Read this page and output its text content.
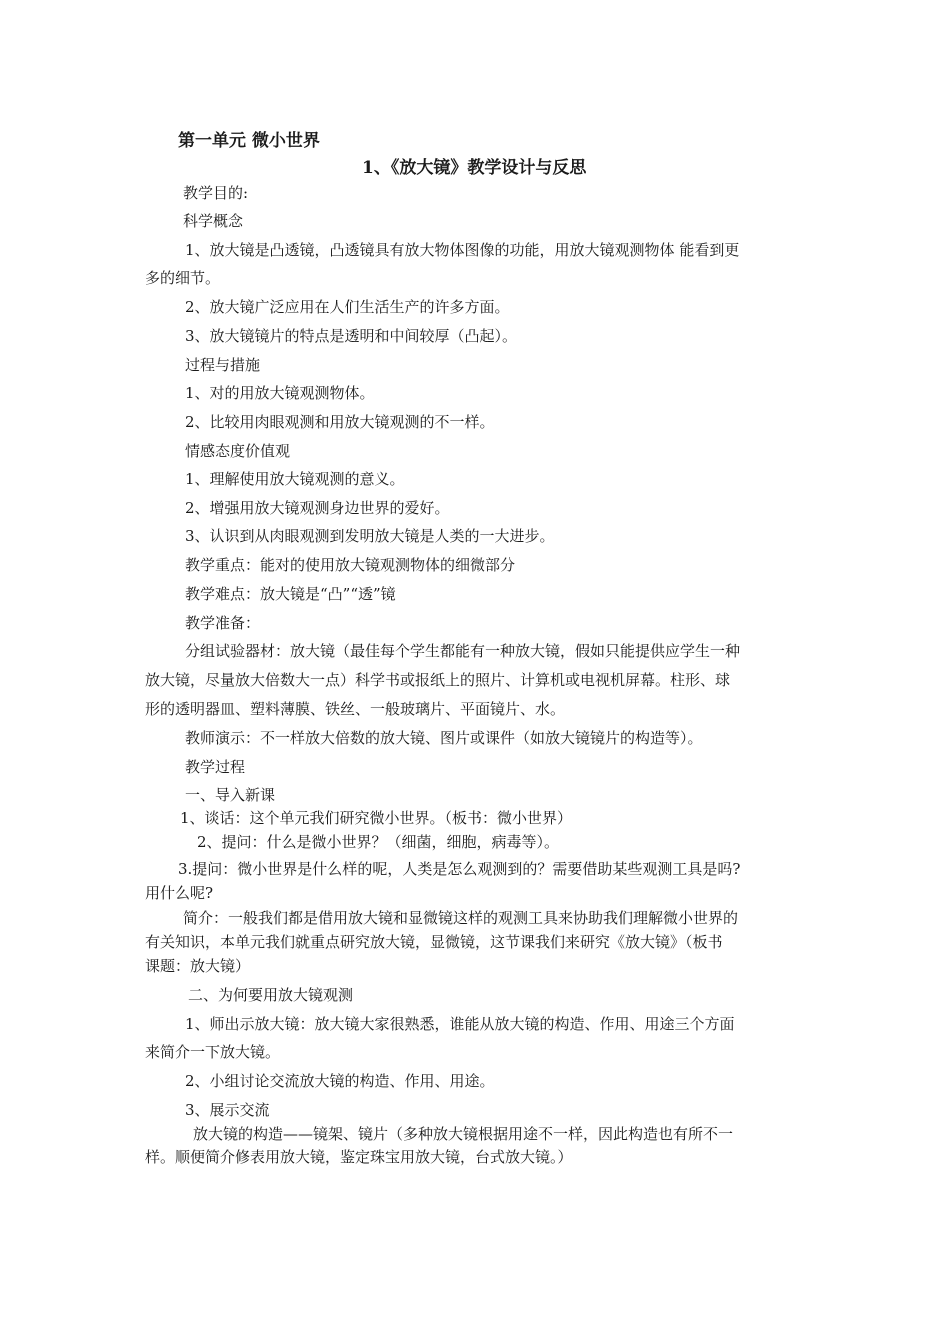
第一单元 微小世界
1、《放大镜》教学设计与反思
教学目的:
科学概念
1、放大镜是凸透镜，凸透镜具有放大物体图像的功能，用放大镜观测物体 能看到更
多的细节。
2、放大镜广泛应用在人们生活生产的许多方面。
3、放大镜镜片的特点是透明和中间较厚（凸起）。
过程与措施
1、对的用放大镜观测物体。
2、比较用肉眼观测和用放大镜观测的不一样。
情感态度价值观
1、理解使用放大镜观测的意义。
2、增强用放大镜观测身边世界的爱好。
3、认识到从肉眼观测到发明放大镜是人类的一大进步。
教学重点：能对的使用放大镜观测物体的细微部分
教学难点：放大镜是“凸”“透”镜
教学准备：
分组试验器材：放大镜（最佳每个学生都能有一种放大镜，假如只能提供应学生一种
放大镜，尽量放大倍数大一点）科学书或报纸上的照片、计算机或电视机屏幕。柱形、球
形的透明器皿、塑料薄膜、铁丝、一般玻璃片、平面镜片、水。
教师演示：不一样放大倍数的放大镜、图片或课件（如放大镜镜片的构造等）。
教学过程
一、导入新课
1、谈话：这个单元我们研究微小世界。（板书：微小世界）
2、提问：什么是微小世界？（细菌，细胞，病毒等）。
3.提问：微小世界是什么样的呢，人类是怎么观测到的？需要借助某些观测工具是吗?
用什么呢?
简介：一般我们都是借用放大镜和显微镜这样的观测工具来协助我们理解微小世界的
有关知识，本单元我们就重点研究放大镜，显微镜，这节课我们来研究《放大镜》（板书
课题：放大镜）
二、为何要用放大镜观测
1、师出示放大镜：放大镜大家很熟悉，谁能从放大镜的构造、作用、用途三个方面
来简介一下放大镜。
2、小组讨论交流放大镜的构造、作用、用途。
3、展示交流
放大镜的构造——镜架、镜片（多种放大镜根据用途不一样，因此构造也有所不一
样。顺便简介修表用放大镜，鉴定珠宝用放大镜，台式放大镜。）
